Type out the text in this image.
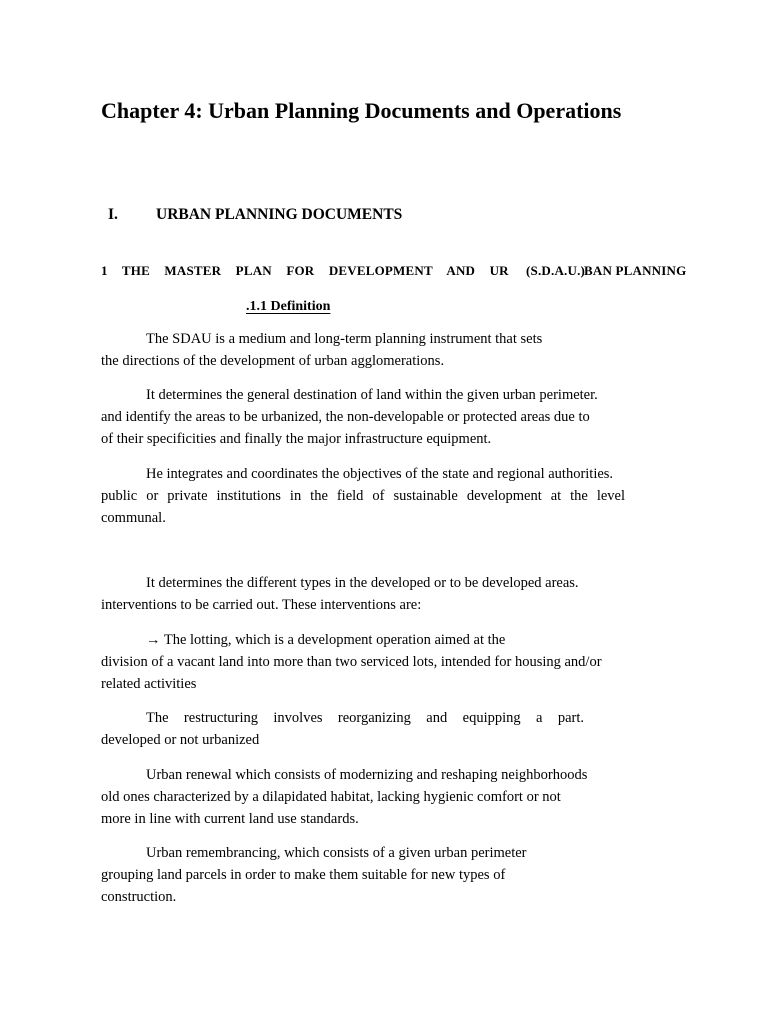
Chapter 4: Urban Planning Documents and Operations
I. URBAN PLANNING DOCUMENTS
1 THE MASTER PLAN FOR DEVELOPMENT AND UR (S.D.A.U.)
BAN PLANNING
.1.1 Definition
The SDAU is a medium and long-term planning instrument that sets
the directions of the development of urban agglomerations.
It determines the general destination of land within the given urban perimeter.
and identify the areas to be urbanized, the non-developable or protected areas due to
of their specificities and finally the major infrastructure equipment.
He integrates and coordinates the objectives of the state and regional authorities.
public or private institutions in the field of sustainable development at the level
communal.
It determines the different types in the developed or to be developed areas.
interventions to be carried out. These interventions are:
→ The lotting, which is a development operation aimed at the
division of a vacant land into more than two serviced lots, intended for housing and/or
related activities
The restructuring involves reorganizing and equipping a part.
developed or not urbanized
Urban renewal which consists of modernizing and reshaping neighborhoods
old ones characterized by a dilapidated habitat, lacking hygienic comfort or not
more in line with current land use standards.
Urban remembrancing, which consists of a given urban perimeter
grouping land parcels in order to make them suitable for new types of
construction.
